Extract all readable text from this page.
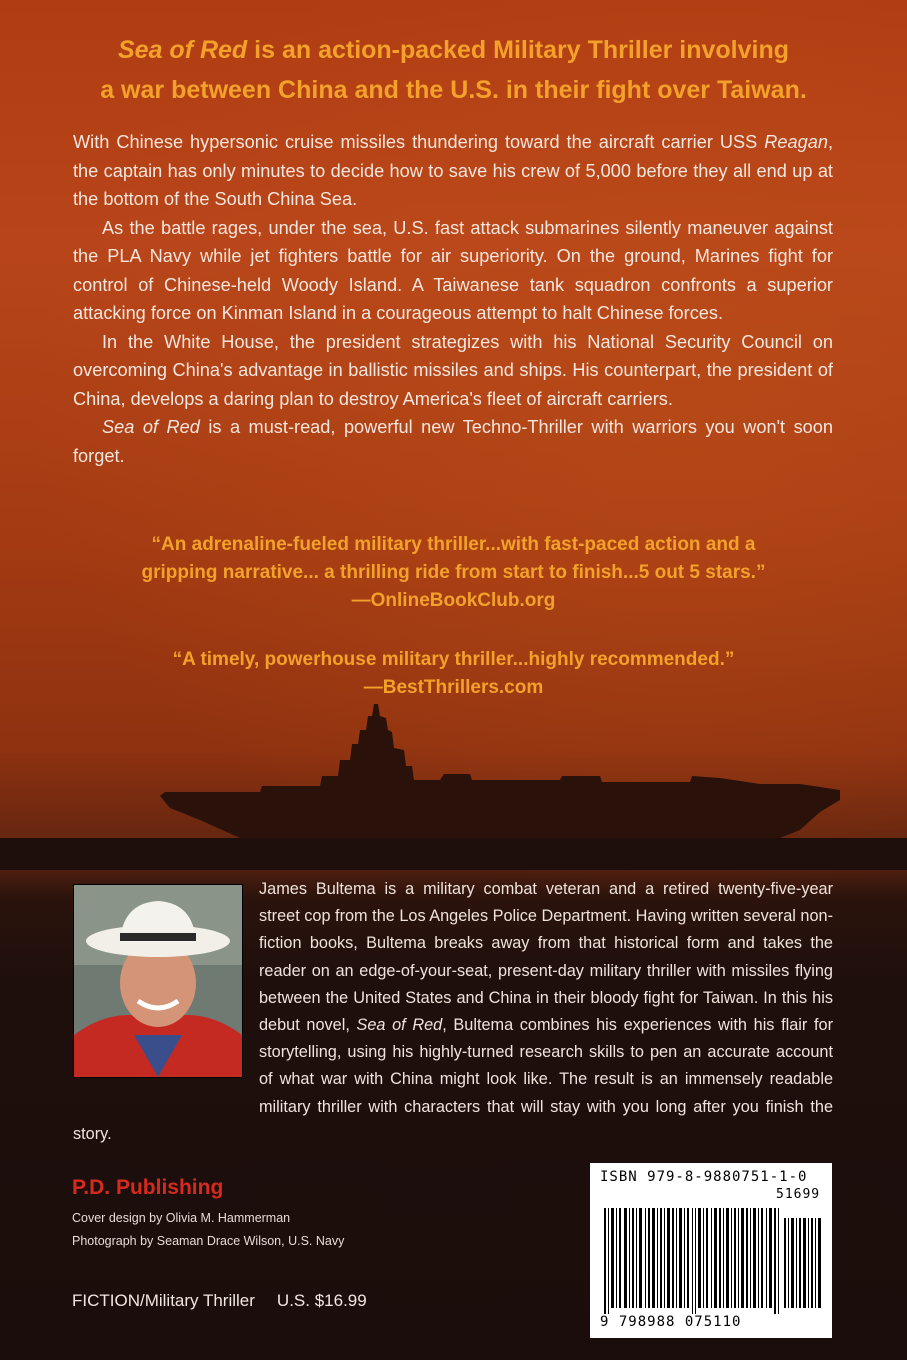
Sea of Red is an action-packed Military Thriller involving
a war between China and the U.S. in their fight over Taiwan.

With Chinese hypersonic cruise missiles thundering toward the aircraft carrier USS Reagan, the captain has only minutes to decide how to save his crew of 5,000 before they all end up at the bottom of the South China Sea.

As the battle rages, under the sea, U.S. fast attack submarines silently maneuver against the PLA Navy while jet fighters battle for air superiority. On the ground, Marines fight for control of Chinese-held Woody Island. A Taiwanese tank squadron confronts a superior attacking force on Kinman Island in a courageous attempt to halt Chinese forces.

In the White House, the president strategizes with his National Security Council on overcoming China's advantage in ballistic missiles and ships. His counterpart, the president of China, develops a daring plan to destroy America's fleet of aircraft carriers.

Sea of Red is a must-read, powerful new Techno-Thriller with warriors you won't soon forget.

“An adrenaline-fueled military thriller...with fast-paced action and a
gripping narrative... a thrilling ride from start to finish...5 out 5 stars.”
—OnlineBookClub.org
“A timely, powerhouse military thriller...highly recommended.”
—BestThrillers.com
James Bultema is a military combat veteran and a retired twenty-five-year street cop from the Los Angeles Police Department. Having written several non-fiction books, Bultema breaks away from that historical form and takes the reader on an edge-of-your-seat, present-day military thriller with missiles flying between the United States and China in their bloody fight for Taiwan. In this his debut novel, Sea of Red, Bultema combines his experiences with his flair for storytelling, using his highly-turned research skills to pen an accurate account of what war with China might look like. The result is an immensely readable military thriller with characters that will stay with you long after you finish the story.
P.D. Publishing
Cover design by Olivia M. Hammerman
Photograph by Seaman Drace Wilson, U.S. Navy
FICTION/Military Thriller U.S. $16.99
ISBN 979-8-9880751-1-0
51699
9 798988 075110
